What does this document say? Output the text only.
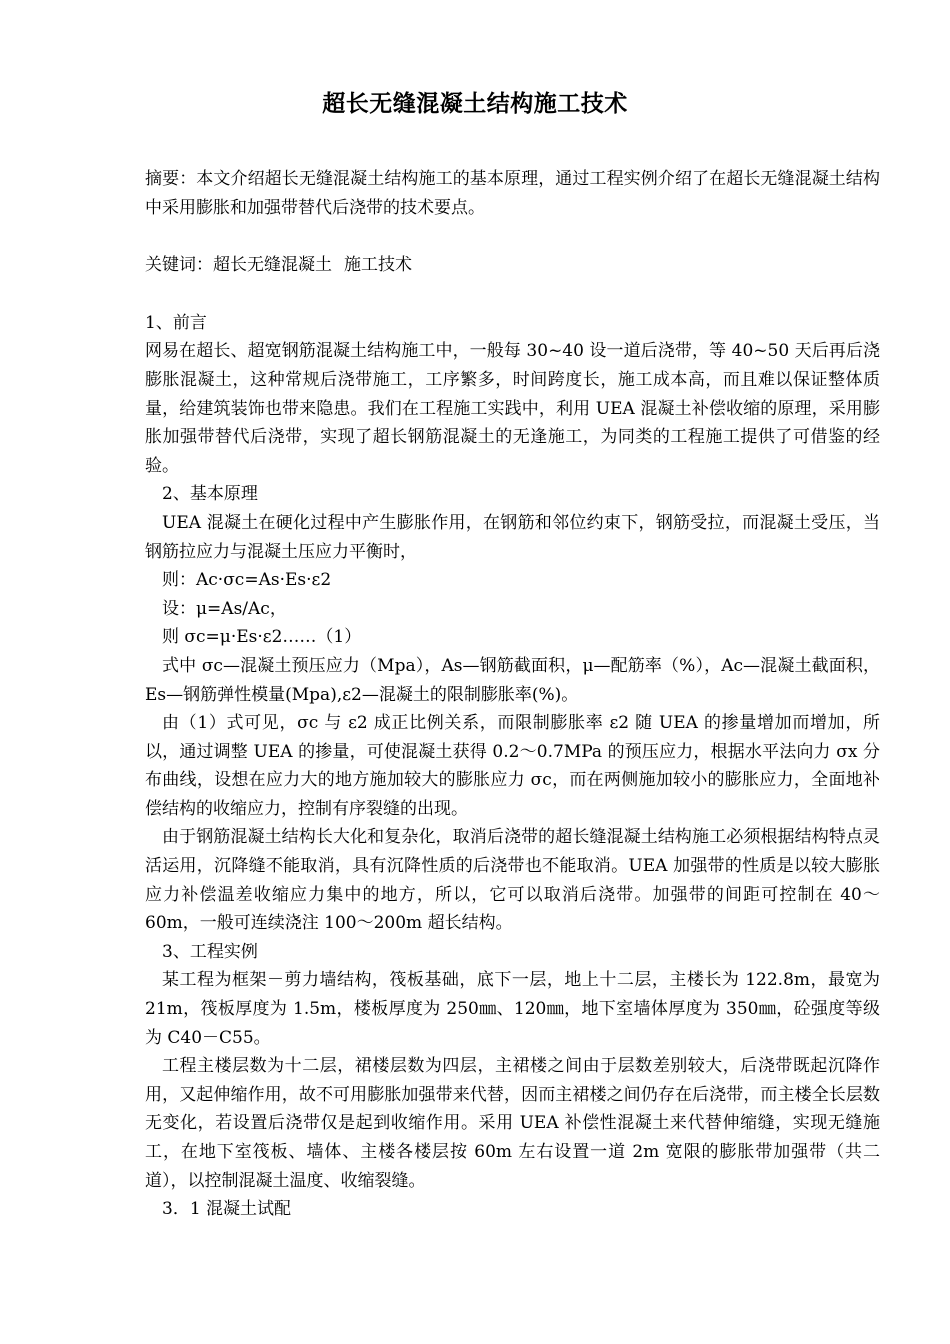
超长无缝混凝土结构施工技术

摘要：本文介绍超长无缝混凝土结构施工的基本原理，通过工程实例介绍了在超长无缝混凝土结构中采用膨胀和加强带替代后浇带的技术要点。

关键词：超长无缝混凝土 施工技术

1、前言

网易在超长、超宽钢筋混凝土结构施工中，一般每 30~40 设一道后浇带，等 40~50 天后再后浇膨胀混凝土，这种常规后浇带施工，工序繁多，时间跨度长，施工成本高，而且难以保证整体质量，给建筑装饰也带来隐患。我们在工程施工实践中，利用 UEA 混凝土补偿收缩的原理，采用膨胀加强带替代后浇带，实现了超长钢筋混凝土的无逢施工，为同类的工程施工提供了可借鉴的经验。

2、基本原理

UEA 混凝土在硬化过程中产生膨胀作用，在钢筋和邻位约束下，钢筋受拉，而混凝土受压，当钢筋拉应力与混凝土压应力平衡时，

则：Ac·σc=As·Es·ε2

设：μ=As/Ac，

则 σc=μ·Es·ε2……（1）

式中 σc—混凝土预压应力（Mpa），As—钢筋截面积，μ—配筋率（%），Ac—混凝土截面积，Es—钢筋弹性模量(Mpa),ε2—混凝土的限制膨胀率(%)。

由（1）式可见，σc 与 ε2 成正比例关系，而限制膨胀率 ε2 随 UEA 的掺量增加而增加，所以，通过调整 UEA 的掺量，可使混凝土获得 0.2～0.7MPa 的预压应力，根据水平法向力 σx 分布曲线，设想在应力大的地方施加较大的膨胀应力 σc，而在两侧施加较小的膨胀应力，全面地补偿结构的收缩应力，控制有序裂缝的出现。

由于钢筋混凝土结构长大化和复杂化，取消后浇带的超长缝混凝土结构施工必须根据结构特点灵活运用，沉降缝不能取消，具有沉降性质的后浇带也不能取消。UEA 加强带的性质是以较大膨胀应力补偿温差收缩应力集中的地方，所以，它可以取消后浇带。加强带的间距可控制在 40～60m，一般可连续浇注 100～200m 超长结构。

3、工程实例

某工程为框架－剪力墙结构，筏板基础，底下一层，地上十二层，主楼长为 122.8m，最宽为 21m，筏板厚度为 1.5m，楼板厚度为 250㎜、120㎜，地下室墙体厚度为 350㎜，砼强度等级为 C40－C55。

工程主楼层数为十二层，裙楼层数为四层，主裙楼之间由于层数差别较大，后浇带既起沉降作用，又起伸缩作用，故不可用膨胀加强带来代替，因而主裙楼之间仍存在后浇带，而主楼全长层数无变化，若设置后浇带仅是起到收缩作用。采用 UEA 补偿性混凝土来代替伸缩缝，实现无缝施工，在地下室筏板、墙体、主楼各楼层按 60m 左右设置一道 2m 宽限的膨胀带加强带（共二道），以控制混凝土温度、收缩裂缝。

3．1 混凝土试配
